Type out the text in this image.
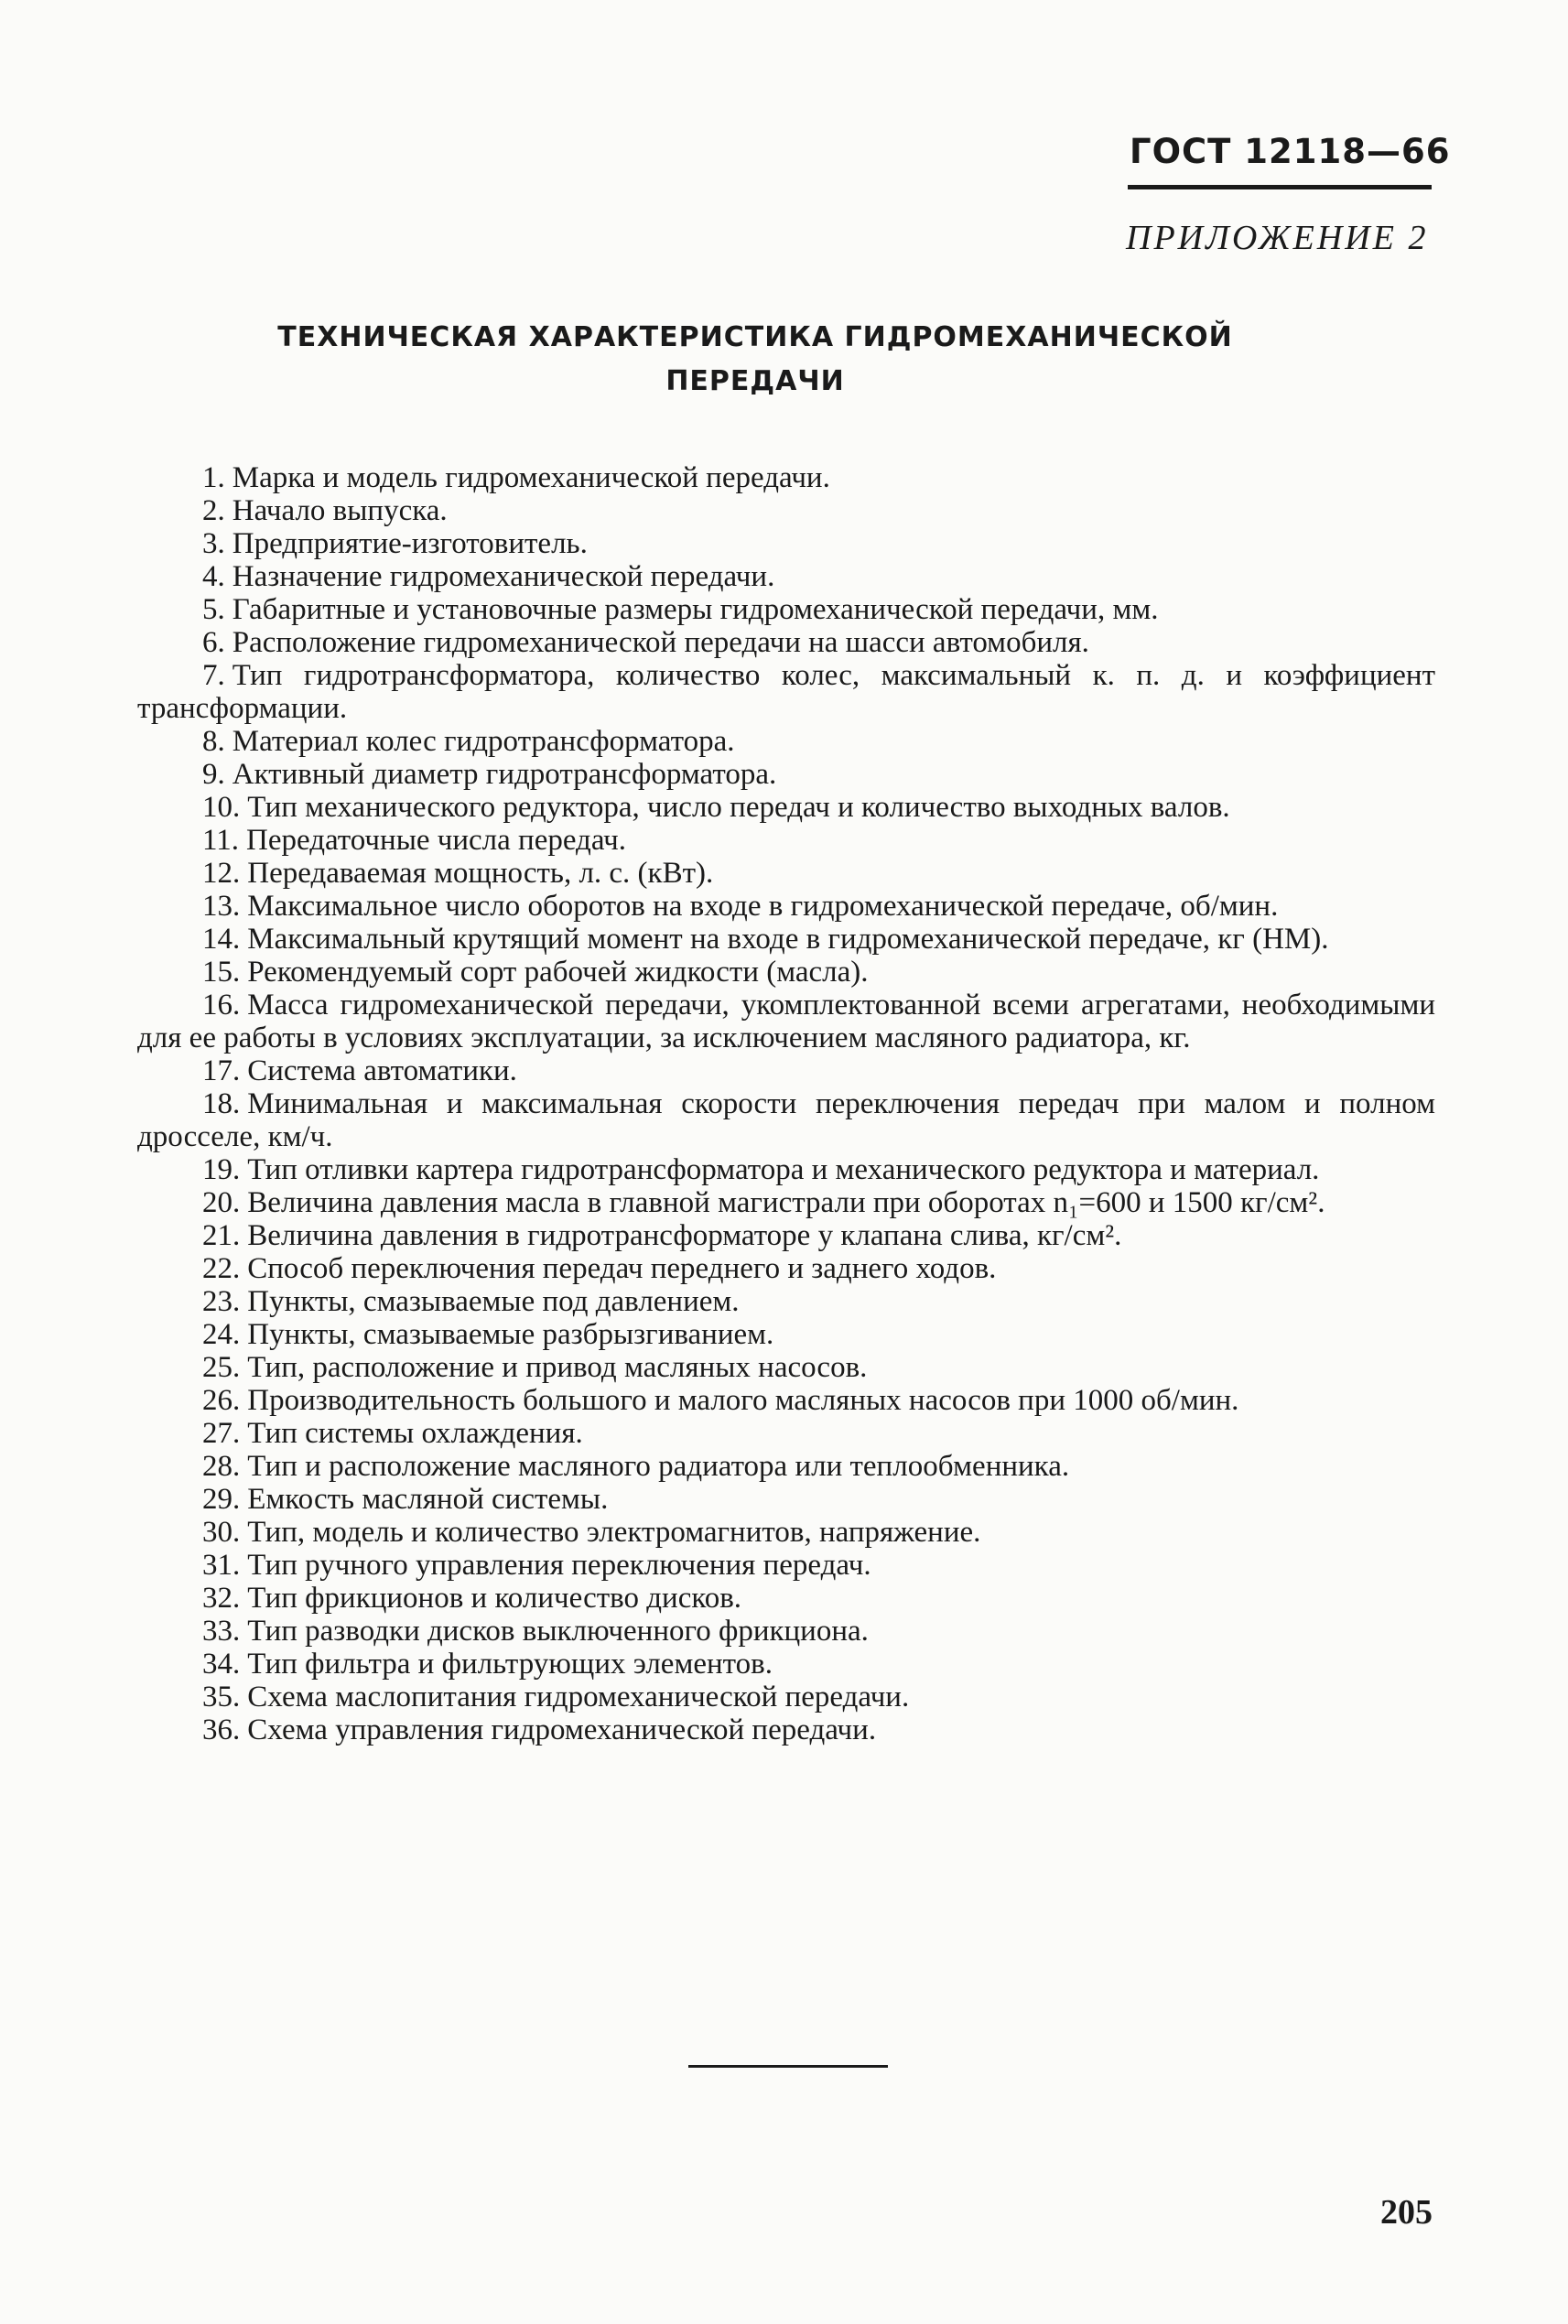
ГОСТ 12118—66

ПРИЛОЖЕНИЕ 2

ТЕХНИЧЕСКАЯ ХАРАКТЕРИСТИКА ГИДРОМЕХАНИЧЕСКОЙ
ПЕРЕДАЧИ
1. Марка и модель гидромеханической передачи.
2. Начало выпуска.
3. Предприятие-изготовитель.
4. Назначение гидромеханической передачи.
5. Габаритные и установочные размеры гидромеханической передачи, мм.
6. Расположение гидромеханической передачи на шасси автомобиля.
7. Тип гидротрансформатора, количество колес, максимальный к. п. д. и коэффициент трансформации.
8. Материал колес гидротрансформатора.
9. Активный диаметр гидротрансформатора.
10. Тип механического редуктора, число передач и количество выходных валов.
11. Передаточные числа передач.
12. Передаваемая мощность, л. с. (кВт).
13. Максимальное число оборотов на входе в гидромеханической передаче, об/мин.
14. Максимальный крутящий момент на входе в гидромеханической передаче, кг (НМ).
15. Рекомендуемый сорт рабочей жидкости (масла).
16. Масса гидромеханической передачи, укомплектованной всеми агрегатами, необходимыми для ее работы в условиях эксплуатации, за исключением масляного радиатора, кг.
17. Система автоматики.
18. Минимальная и максимальная скорости переключения передач при малом и полном дросселе, км/ч.
19. Тип отливки картера гидротрансформатора и механического редуктора и материал.
20. Величина давления масла в главной магистрали при оборотах n₁=600 и 1500 кг/см².
21. Величина давления в гидротрансформаторе у клапана слива, кг/см².
22. Способ переключения передач переднего и заднего ходов.
23. Пункты, смазываемые под давлением.
24. Пункты, смазываемые разбрызгиванием.
25. Тип, расположение и привод масляных насосов.
26. Производительность большого и малого масляных насосов при 1000 об/мин.
27. Тип системы охлаждения.
28. Тип и расположение масляного радиатора или теплообменника.
29. Емкость масляной системы.
30. Тип, модель и количество электромагнитов, напряжение.
31. Тип ручного управления переключения передач.
32. Тип фрикционов и количество дисков.
33. Тип разводки дисков выключенного фрикциона.
34. Тип фильтра и фильтрующих элементов.
35. Схема маслопитания гидромеханической передачи.
36. Схема управления гидромеханической передачи.

205
